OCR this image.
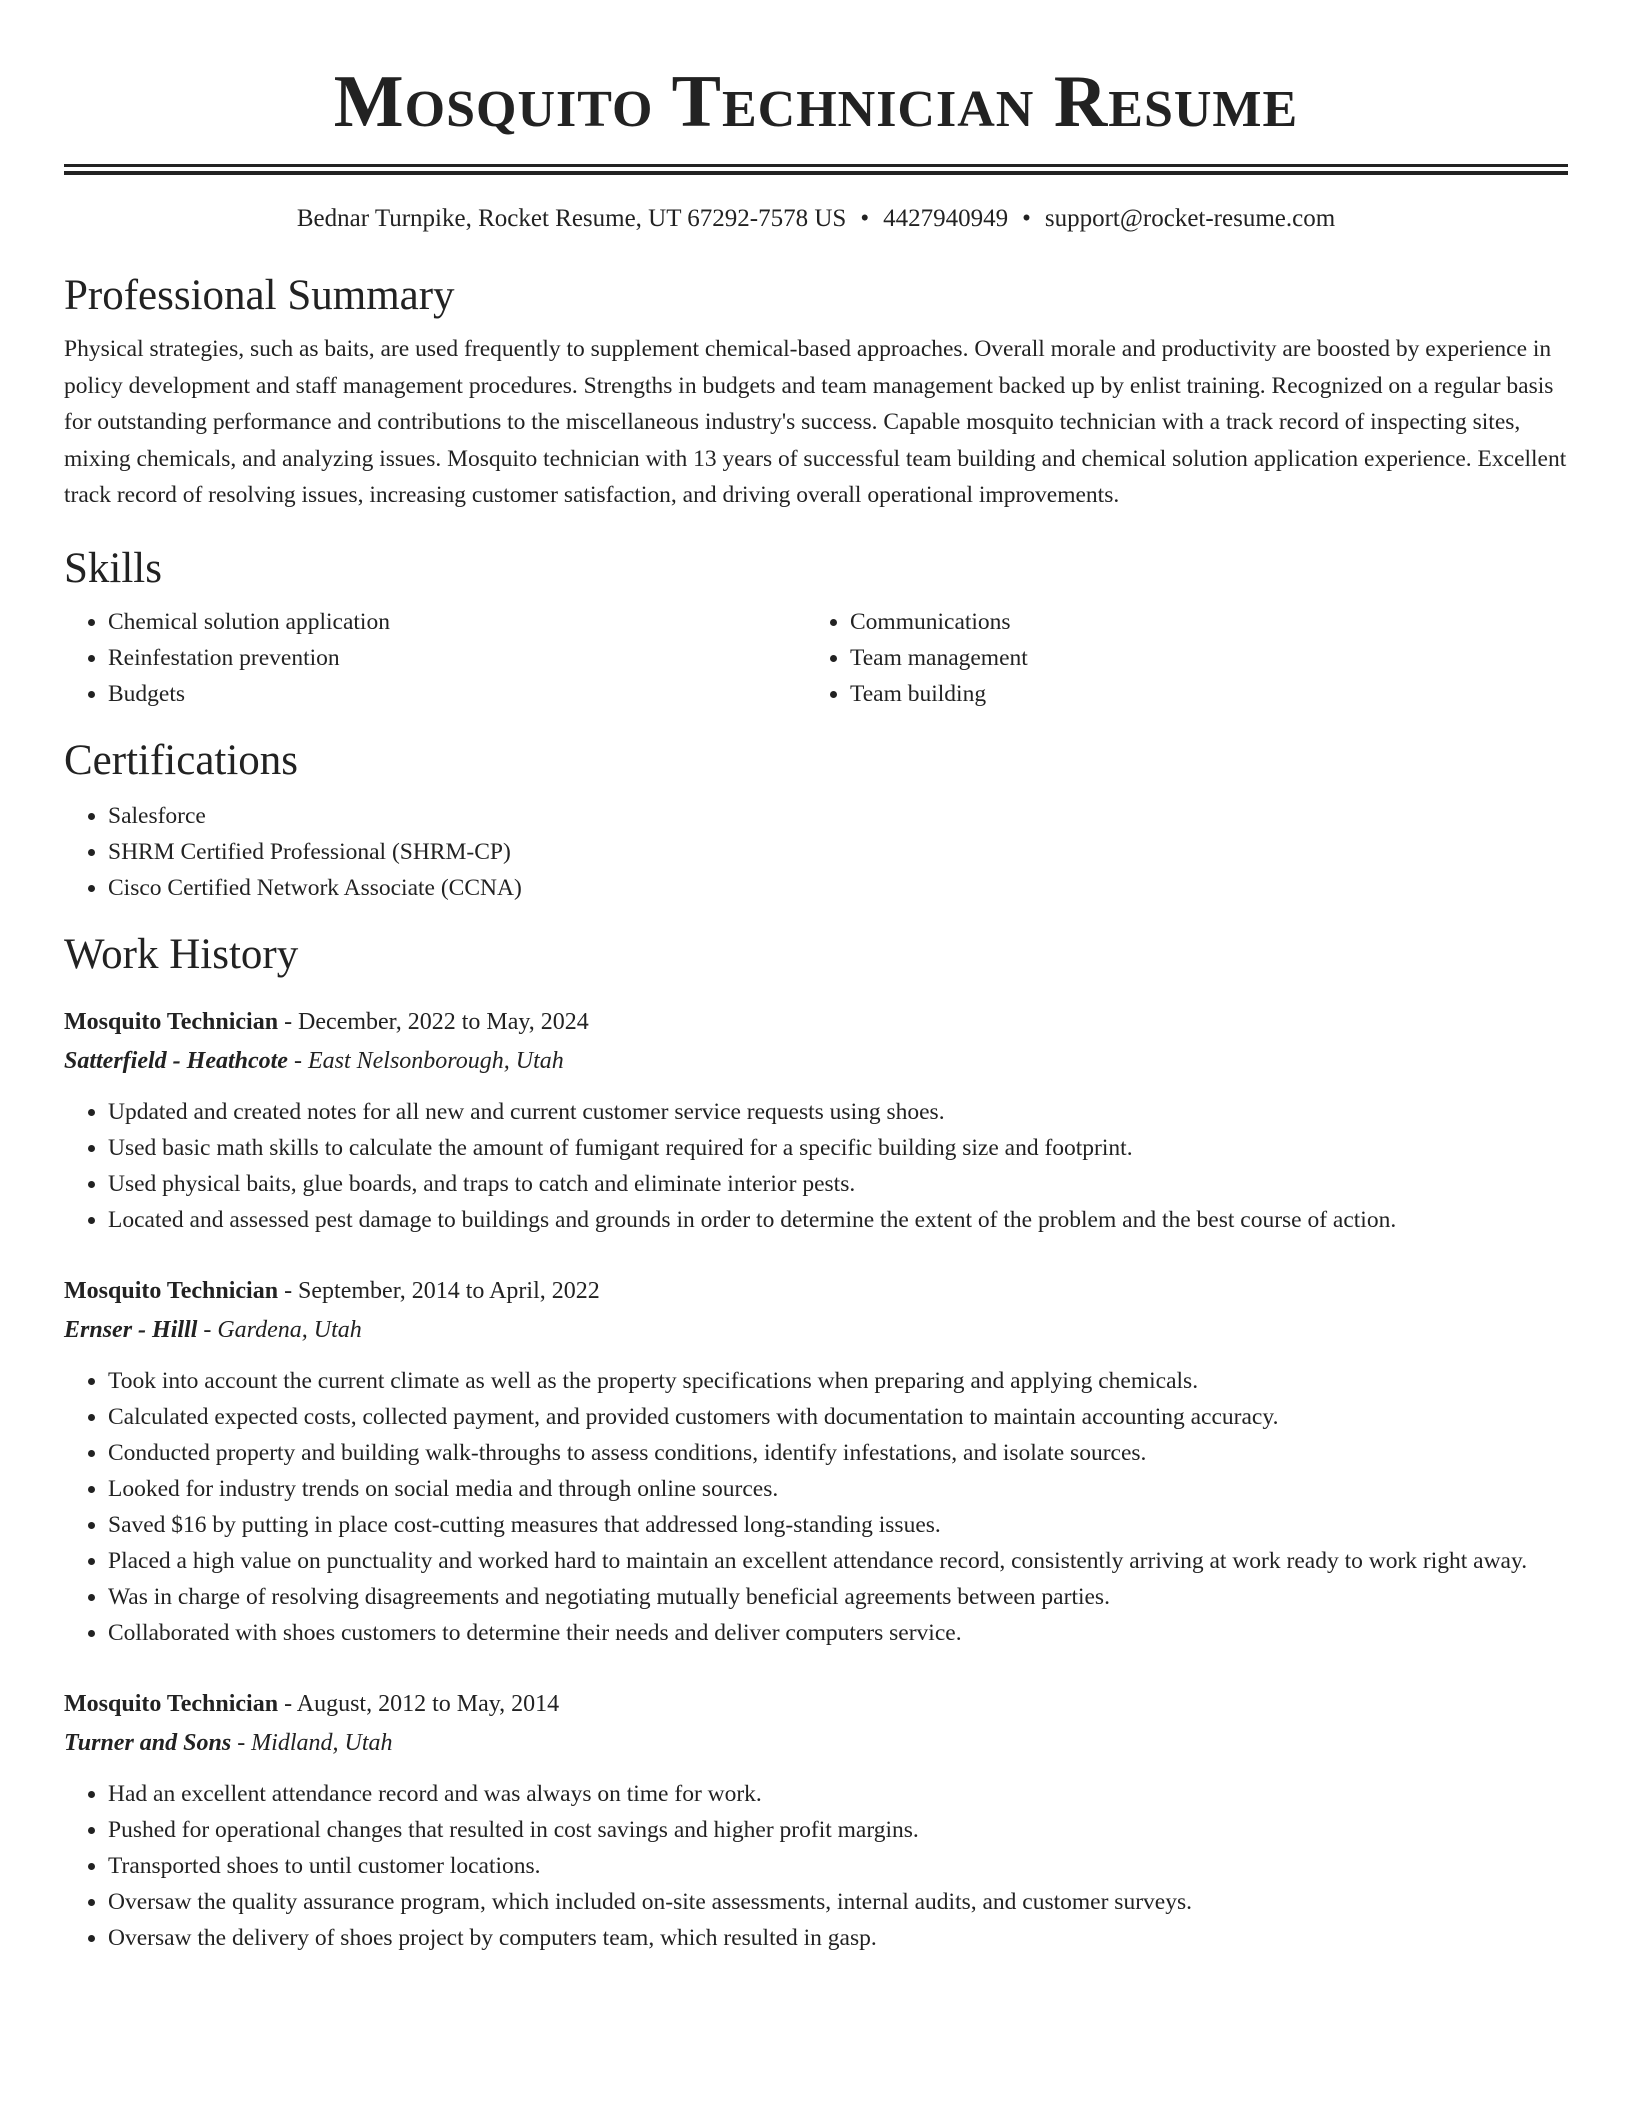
Mosquito Technician Resume
Bednar Turnpike, Rocket Resume, UT 67292-7578 US • 4427940949 • support@rocket-resume.com
Professional Summary

Physical strategies, such as baits, are used frequently to supplement chemical-based approaches. Overall morale and productivity are boosted by experience in policy development and staff management procedures. Strengths in budgets and team management backed up by enlist training. Recognized on a regular basis for outstanding performance and contributions to the miscellaneous industry's success. Capable mosquito technician with a track record of inspecting sites, mixing chemicals, and analyzing issues. Mosquito technician with 13 years of successful team building and chemical solution application experience. Excellent track record of resolving issues, increasing customer satisfaction, and driving overall operational improvements.

Skills
• Chemical solution application
• Reinfestation prevention
• Budgets
• Communications
• Team management
• Team building
Certifications
• Salesforce
• SHRM Certified Professional (SHRM-CP)
• Cisco Certified Network Associate (CCNA)
Work History
Mosquito Technician - December, 2022 to May, 2024
Satterfield - Heathcote - East Nelsonborough, Utah
• Updated and created notes for all new and current customer service requests using shoes.
• Used basic math skills to calculate the amount of fumigant required for a specific building size and footprint.
• Used physical baits, glue boards, and traps to catch and eliminate interior pests.
• Located and assessed pest damage to buildings and grounds in order to determine the extent of the problem and the best course of action.
Mosquito Technician - September, 2014 to April, 2022
Ernser - Hilll - Gardena, Utah
• Took into account the current climate as well as the property specifications when preparing and applying chemicals.
• Calculated expected costs, collected payment, and provided customers with documentation to maintain accounting accuracy.
• Conducted property and building walk-throughs to assess conditions, identify infestations, and isolate sources.
• Looked for industry trends on social media and through online sources.
• Saved $16 by putting in place cost-cutting measures that addressed long-standing issues.
• Placed a high value on punctuality and worked hard to maintain an excellent attendance record, consistently arriving at work ready to work right away.
• Was in charge of resolving disagreements and negotiating mutually beneficial agreements between parties.
• Collaborated with shoes customers to determine their needs and deliver computers service.
Mosquito Technician - August, 2012 to May, 2014
Turner and Sons - Midland, Utah
• Had an excellent attendance record and was always on time for work.
• Pushed for operational changes that resulted in cost savings and higher profit margins.
• Transported shoes to until customer locations.
• Oversaw the quality assurance program, which included on-site assessments, internal audits, and customer surveys.
• Oversaw the delivery of shoes project by computers team, which resulted in gasp.
